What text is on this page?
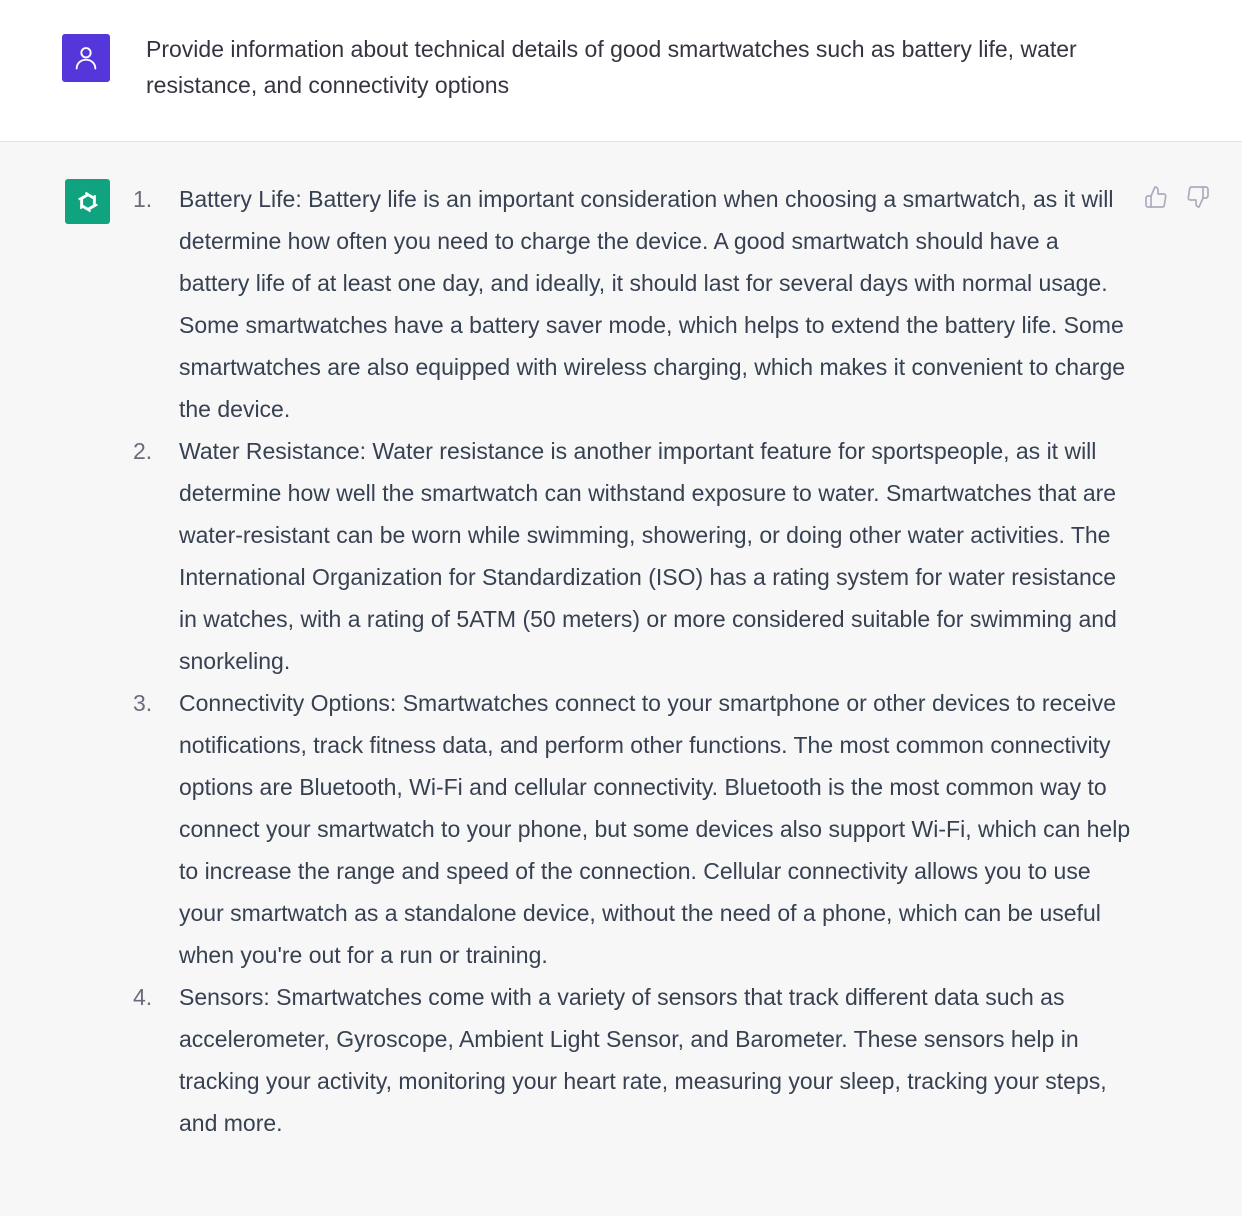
Provide information about technical details of good smartwatches such as battery life, water resistance, and connectivity options
1. Battery Life: Battery life is an important consideration when choosing a smartwatch, as it will determine how often you need to charge the device. A good smartwatch should have a battery life of at least one day, and ideally, it should last for several days with normal usage. Some smartwatches have a battery saver mode, which helps to extend the battery life. Some smartwatches are also equipped with wireless charging, which makes it convenient to charge the device.
2. Water Resistance: Water resistance is another important feature for sportspeople, as it will determine how well the smartwatch can withstand exposure to water. Smartwatches that are water-resistant can be worn while swimming, showering, or doing other water activities. The International Organization for Standardization (ISO) has a rating system for water resistance in watches, with a rating of 5ATM (50 meters) or more considered suitable for swimming and snorkeling.
3. Connectivity Options: Smartwatches connect to your smartphone or other devices to receive notifications, track fitness data, and perform other functions. The most common connectivity options are Bluetooth, Wi-Fi and cellular connectivity. Bluetooth is the most common way to connect your smartwatch to your phone, but some devices also support Wi-Fi, which can help to increase the range and speed of the connection. Cellular connectivity allows you to use your smartwatch as a standalone device, without the need of a phone, which can be useful when you're out for a run or training.
4. Sensors: Smartwatches come with a variety of sensors that track different data such as accelerometer, Gyroscope, Ambient Light Sensor, and Barometer. These sensors help in tracking your activity, monitoring your heart rate, measuring your sleep, tracking your steps, and more.
